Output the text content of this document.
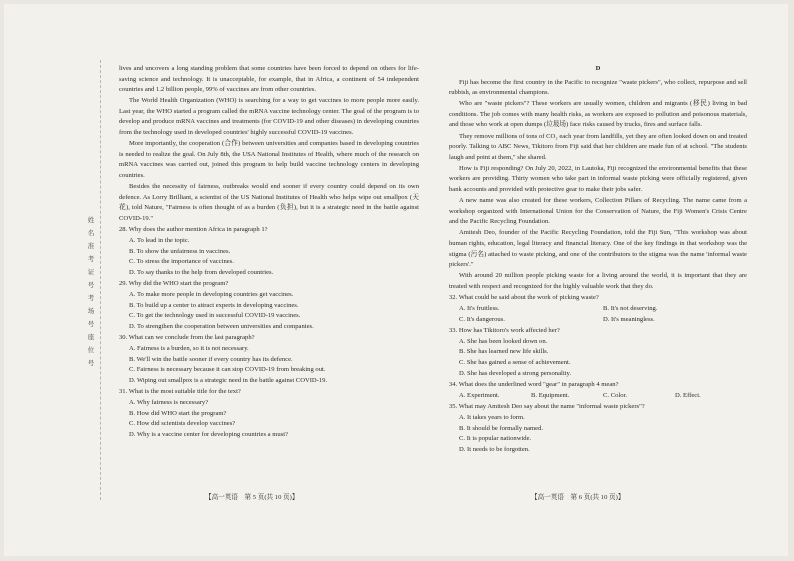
姓
名
准
考
证
号
考
场
号
座
位
号

lives and uncovers a long standing problem that some countries have been forced to depend on others for life-saving science and technology. It is unacceptable, for example, that in Africa, a continent of 54 independent countries and 1.2 billion people, 99% of vaccines are from other countries.

The World Health Organization (WHO) is searching for a way to get vaccines to more people more easily. Last year, the WHO started a program called the mRNA vaccine technology center. The goal of the program is to develop and produce mRNA vaccines and treatments (for COVID-19 and other diseases) in developing countries from the technology used in developed countries' highly successful COVID-19 vaccines.

More importantly, the cooperation (合作) between universities and companies based in developing countries is needed to realize the goal. On July 8th, the USA National Institutes of Health, where much of the research on mRNA vaccines was carried out, joined this program to help build vaccine technology centers in developing countries.

Besides the necessity of fairness, outbreaks would end sooner if every country could depend on its own defence. As Lorry Brilliant, a scientist of the US National Institutes of Health who helps wipe out smallpox (天花), told Nature, "Fairness is often thought of as a burden (负担), but it is a strategic need in the battle against COVID-19."

28. Why does the author mention Africa in paragraph 1?
A. To lead in the topic.
B. To show the unfairness in vaccines.
C. To stress the importance of vaccines.
D. To say thanks to the help from developed countries.
29. Why did the WHO start the program?
A. To make more people in developing countries get vaccines.
B. To build up a center to attract experts in developing vaccines.
C. To get the technology used in successful COVID-19 vaccines.
D. To strengthen the cooperation between universities and companies.
30. What can we conclude from the last paragraph?
A. Fairness is a burden, so it is not necessary.
B. We'll win the battle sooner if every country has its defence.
C. Fairness is necessary because it can stop COVID-19 from breaking out.
D. Wiping out smallpox is a strategic need in the battle against COVID-19.
31. What is the most suitable title for the text?
A. Why fairness is necessary?
B. How did WHO start the program?
C. How did scientists develop vaccines?
D. Why is a vaccine center for developing countries a must?
D

Fiji has become the first country in the Pacific to recognize "waste pickers", who collect, repurpose and sell rubbish, as environmental champions.

Who are "waste pickers"? These workers are usually women, children and migrants (移民) living in bad conditions. The job comes with many health risks, as workers are exposed to pollution and poisonous materials, and those who work at open dumps (垃圾场) face risks caused by trucks, fires and surface falls.

They remove millions of tons of CO₂ each year from landfills, yet they are often looked down on and treated poorly. Talking to ABC News, Tikitoro from Fiji said that her children are made fun of at school. "The students laugh and point at them," she shared.

How is Fiji responding? On July 20, 2022, in Lautoka, Fiji recognized the environmental benefits that these workers are providing. Thirty women who take part in informal waste picking were officially registered, given bank accounts and provided with protective gear to make their jobs safer.

A new name was also created for these workers, Collection Pillars of Recycling. The name came from a workshop organized with International Union for the Conservation of Nature, the Fiji Women's Crisis Centre and the Pacific Recycling Foundation.

Amitesh Deo, founder of the Pacific Recycling Foundation, told the Fiji Sun, "This workshop was about human rights, education, legal literacy and financial literacy. One of the key findings in that workshop was the stigma (污名) attached to waste picking, and one of the contributors to the stigma was the name 'informal waste pickers'."

With around 20 million people picking waste for a living around the world, it is important that they are treated with respect and recognized for the highly valuable work that they do.

32. What could be said about the work of picking waste?
A. It's fruitless.	B. It's not deserving.
C. It's dangerous.	D. It's meaningless.
33. How has Tikitoro's work affected her?
A. She has been looked down on.
B. She has learned new life skills.
C. She has gained a sense of achievement.
D. She has developed a strong personality.
34. What does the underlined word "gear" in paragraph 4 mean?
A. Experiment.	B. Equipment.	C. Color.	D. Effect.
35. What may Amitesh Deo say about the name "informal waste pickers"?
A. It takes years to form.
B. It should be formally named.
C. It is popular nationwide.
D. It needs to be forgotten.
【高一英语　第 5 页(共 10 页)】	【高一英语　第 6 页(共 10 页)】
